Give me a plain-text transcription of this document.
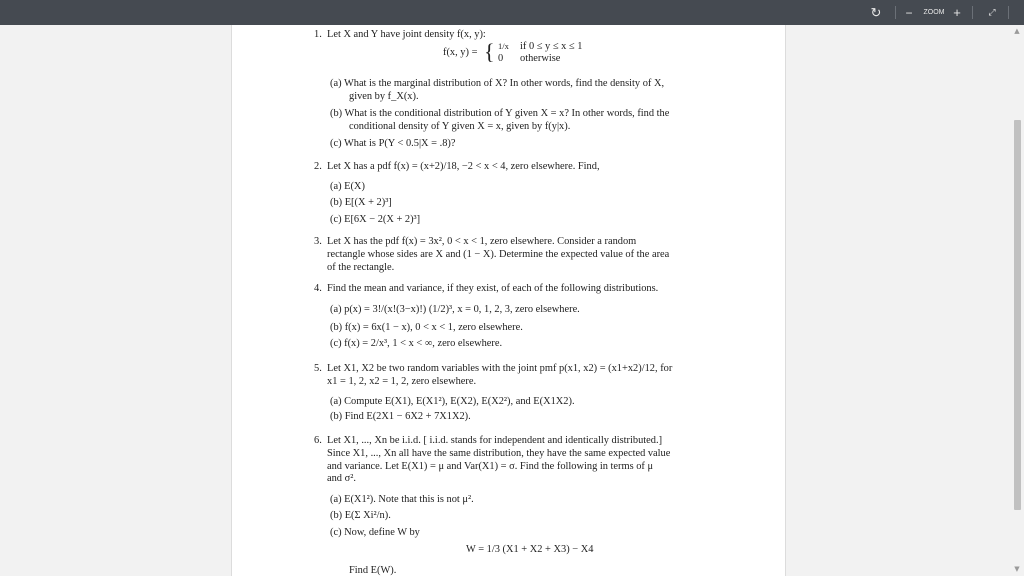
↻	−	ZOOM +	⤢
1. Let X and Y have joint density f(x, y):
f(x, y) = { 1/x if 0 ≤ y ≤ x ≤ 1
0 otherwise
(a) What is the marginal distribution of X? In other words, find the density of X,
given by f_X(x).
(b) What is the conditional distribution of Y given X = x? In other words, find the
conditional density of Y given X = x, given by f(y|x).
(c) What is P(Y < 0.5|X = .8)?
2. Let X has a pdf f(x) = (x+2)/18, −2 < x < 4, zero elsewhere. Find,
(a) E(X)
(b) E[(X + 2)³]
(c) E[6X − 2(X + 2)³]
3. Let X has the pdf f(x) = 3x², 0 < x < 1, zero elsewhere. Consider a random
rectangle whose sides are X and (1 − X). Determine the expected value of the area
of the rectangle.
4. Find the mean and variance, if they exist, of each of the following distributions.
(a) p(x) = 3!/(x!(3−x)!) (1/2)³, x = 0, 1, 2, 3, zero elsewhere.
(b) f(x) = 6x(1 − x), 0 < x < 1, zero elsewhere.
(c) f(x) = 2/x³, 1 < x < ∞, zero elsewhere.
5. Let X1, X2 be two random variables with the joint pmf p(x1, x2) = (x1+x2)/12, for
x1 = 1, 2, x2 = 1, 2, zero elsewhere.
(a) Compute E(X1), E(X1²), E(X2), E(X2²), and E(X1X2).
(b) Find E(2X1 − 6X2 + 7X1X2).
6. Let X1, ..., Xn be i.i.d. [ i.i.d. stands for independent and identically distributed.]
Since X1, ..., Xn all have the same distribution, they have the same expected value
and variance. Let E(X1) = μ and Var(X1) = σ. Find the following in terms of μ
and σ².
(a) E(X1²). Note that this is not μ².
(b) E(Σ Xi²/n).
(c) Now, define W by
W = 1/3 (X1 + X2 + X3) − X4
Find E(W).
▲
▼
